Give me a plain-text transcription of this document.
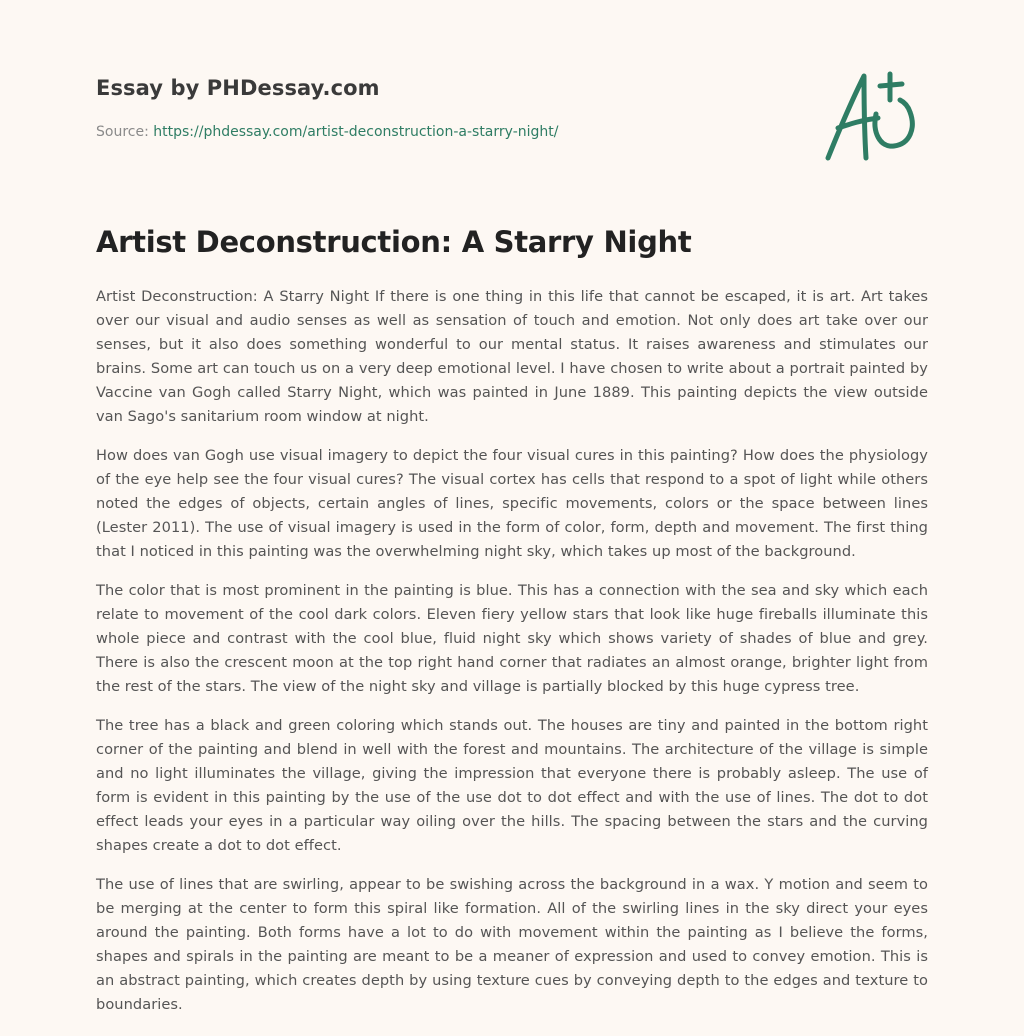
Essay by PHDessay.com
Source: https://phdessay.com/artist-deconstruction-a-starry-night/
Artist Deconstruction: A Starry Night

Artist Deconstruction: A Starry Night If there is one thing in this life that cannot be escaped, it is art. Art takes over our visual and audio senses as well as sensation of touch and emotion. Not only does art take over our senses, but it also does something wonderful to our mental status. It raises awareness and stimulates our brains. Some art can touch us on a very deep emotional level. I have chosen to write about a portrait painted by Vaccine van Gogh called Starry Night, which was painted in June 1889. This painting depicts the view outside van Sago's sanitarium room window at night.

How does van Gogh use visual imagery to depict the four visual cures in this painting? How does the physiology of the eye help see the four visual cures? The visual cortex has cells that respond to a spot of light while others noted the edges of objects, certain angles of lines, specific movements, colors or the space between lines (Lester 2011). The use of visual imagery is used in the form of color, form, depth and movement. The first thing that I noticed in this painting was the overwhelming night sky, which takes up most of the background.

The color that is most prominent in the painting is blue. This has a connection with the sea and sky which each relate to movement of the cool dark colors. Eleven fiery yellow stars that look like huge fireballs illuminate this whole piece and contrast with the cool blue, fluid night sky which shows variety of shades of blue and grey. There is also the crescent moon at the top right hand corner that radiates an almost orange, brighter light from the rest of the stars. The view of the night sky and village is partially blocked by this huge cypress tree.

The tree has a black and green coloring which stands out. The houses are tiny and painted in the bottom right corner of the painting and blend in well with the forest and mountains. The architecture of the village is simple and no light illuminates the village, giving the impression that everyone there is probably asleep. The use of form is evident in this painting by the use of the use dot to dot effect and with the use of lines. The dot to dot effect leads your eyes in a particular way oiling over the hills. The spacing between the stars and the curving shapes create a dot to dot effect.

The use of lines that are swirling, appear to be swishing across the background in a wax. Y motion and seem to be merging at the center to form this spiral like formation. All of the swirling lines in the sky direct your eyes around the painting. Both forms have a lot to do with movement within the painting as I believe the forms, shapes and spirals in the painting are meant to be a meaner of expression and used to convey emotion. This is an abstract painting, which creates depth by using texture cues by conveying depth to the edges and texture to boundaries.
